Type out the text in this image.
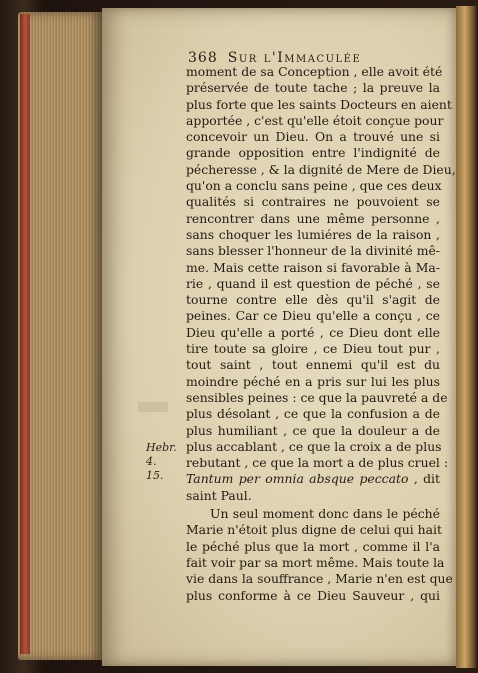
368 Sur l'Immaculée
Hebr. 4.
15.

moment de sa Conception , elle avoit été
préservée de toute tache ; la preuve la
plus forte que les saints Docteurs en aient
apportée , c'est qu'elle étoit conçue pour
concevoir un Dieu. On a trouvé une si
grande opposition entre l'indignité de
pécheresse , & la dignité de Mere de Dieu,
qu'on a conclu sans peine , que ces deux
qualités si contraires ne pouvoient se
rencontrer dans une même personne ,
sans choquer les lumiéres de la raison ,
sans blesser l'honneur de la divinité mê-
me. Mais cette raison si favorable à Ma-
rie , quand il est question de péché , se
tourne contre elle dès qu'il s'agit de
peines. Car ce Dieu qu'elle a conçu , ce
Dieu qu'elle a porté , ce Dieu dont elle
tire toute sa gloire , ce Dieu tout pur ,
tout saint , tout ennemi qu'il est du
moindre péché en a pris sur lui les plus
sensibles peines : ce que la pauvreté a de
plus désolant , ce que la confusion a de
plus humiliant , ce que la douleur a de
plus accablant , ce que la croix a de plus
rebutant , ce que la mort a de plus cruel :
Tantum per omnia absque peccato , dit
saint Paul.

Un seul moment donc dans le péché
Marie n'étoit plus digne de celui qui hait
le péché plus que la mort , comme il l'a
fait voir par sa mort même. Mais toute la
vie dans la souffrance , Marie n'en est que
plus conforme à ce Dieu Sauveur , qui
